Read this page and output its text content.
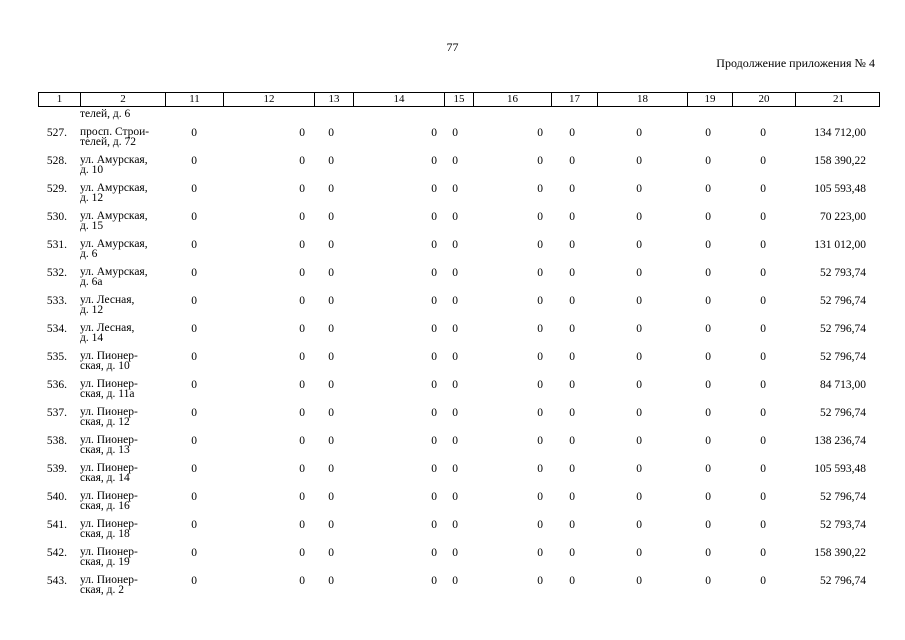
77
Продолжение приложения № 4
1	2	11	12	13	14	15	16	17	18	19	20	21
телей, д. 6
527. просп. Строи-
телей, д. 72
0	0	0	0	0	0	0	0	0	0	134 712,00
528. ул. Амурская,
д. 10
0	0	0	0	0	0	0	0	0	0	158 390,22
529. ул. Амурская,
д. 12
0	0	0	0	0	0	0	0	0	0	105 593,48
530. ул. Амурская,
д. 15
0	0	0	0	0	0	0	0	0	0	70 223,00
531. ул. Амурская,
д. 6
0	0	0	0	0	0	0	0	0	0	131 012,00
532. ул. Амурская,
д. 6а
0	0	0	0	0	0	0	0	0	0	52 793,74
533. ул. Лесная,
д. 12
0	0	0	0	0	0	0	0	0	0	52 796,74
534. ул. Лесная,
д. 14
0	0	0	0	0	0	0	0	0	0	52 796,74
535. ул. Пионер-
ская, д. 10
0	0	0	0	0	0	0	0	0	0	52 796,74
536. ул. Пионер-
ская, д. 11а
0	0	0	0	0	0	0	0	0	0	84 713,00
537. ул. Пионер-
ская, д. 12
0	0	0	0	0	0	0	0	0	0	52 796,74
538. ул. Пионер-
ская, д. 13
0	0	0	0	0	0	0	0	0	0	138 236,74
539. ул. Пионер-
ская, д. 14
0	0	0	0	0	0	0	0	0	0	105 593,48
540. ул. Пионер-
ская, д. 16
0	0	0	0	0	0	0	0	0	0	52 796,74
541. ул. Пионер-
ская, д. 18
0	0	0	0	0	0	0	0	0	0	52 793,74
542. ул. Пионер-
ская, д. 19
0	0	0	0	0	0	0	0	0	0	158 390,22
543. ул. Пионер-
ская, д. 2
0	0	0	0	0	0	0	0	0	0	52 796,74
